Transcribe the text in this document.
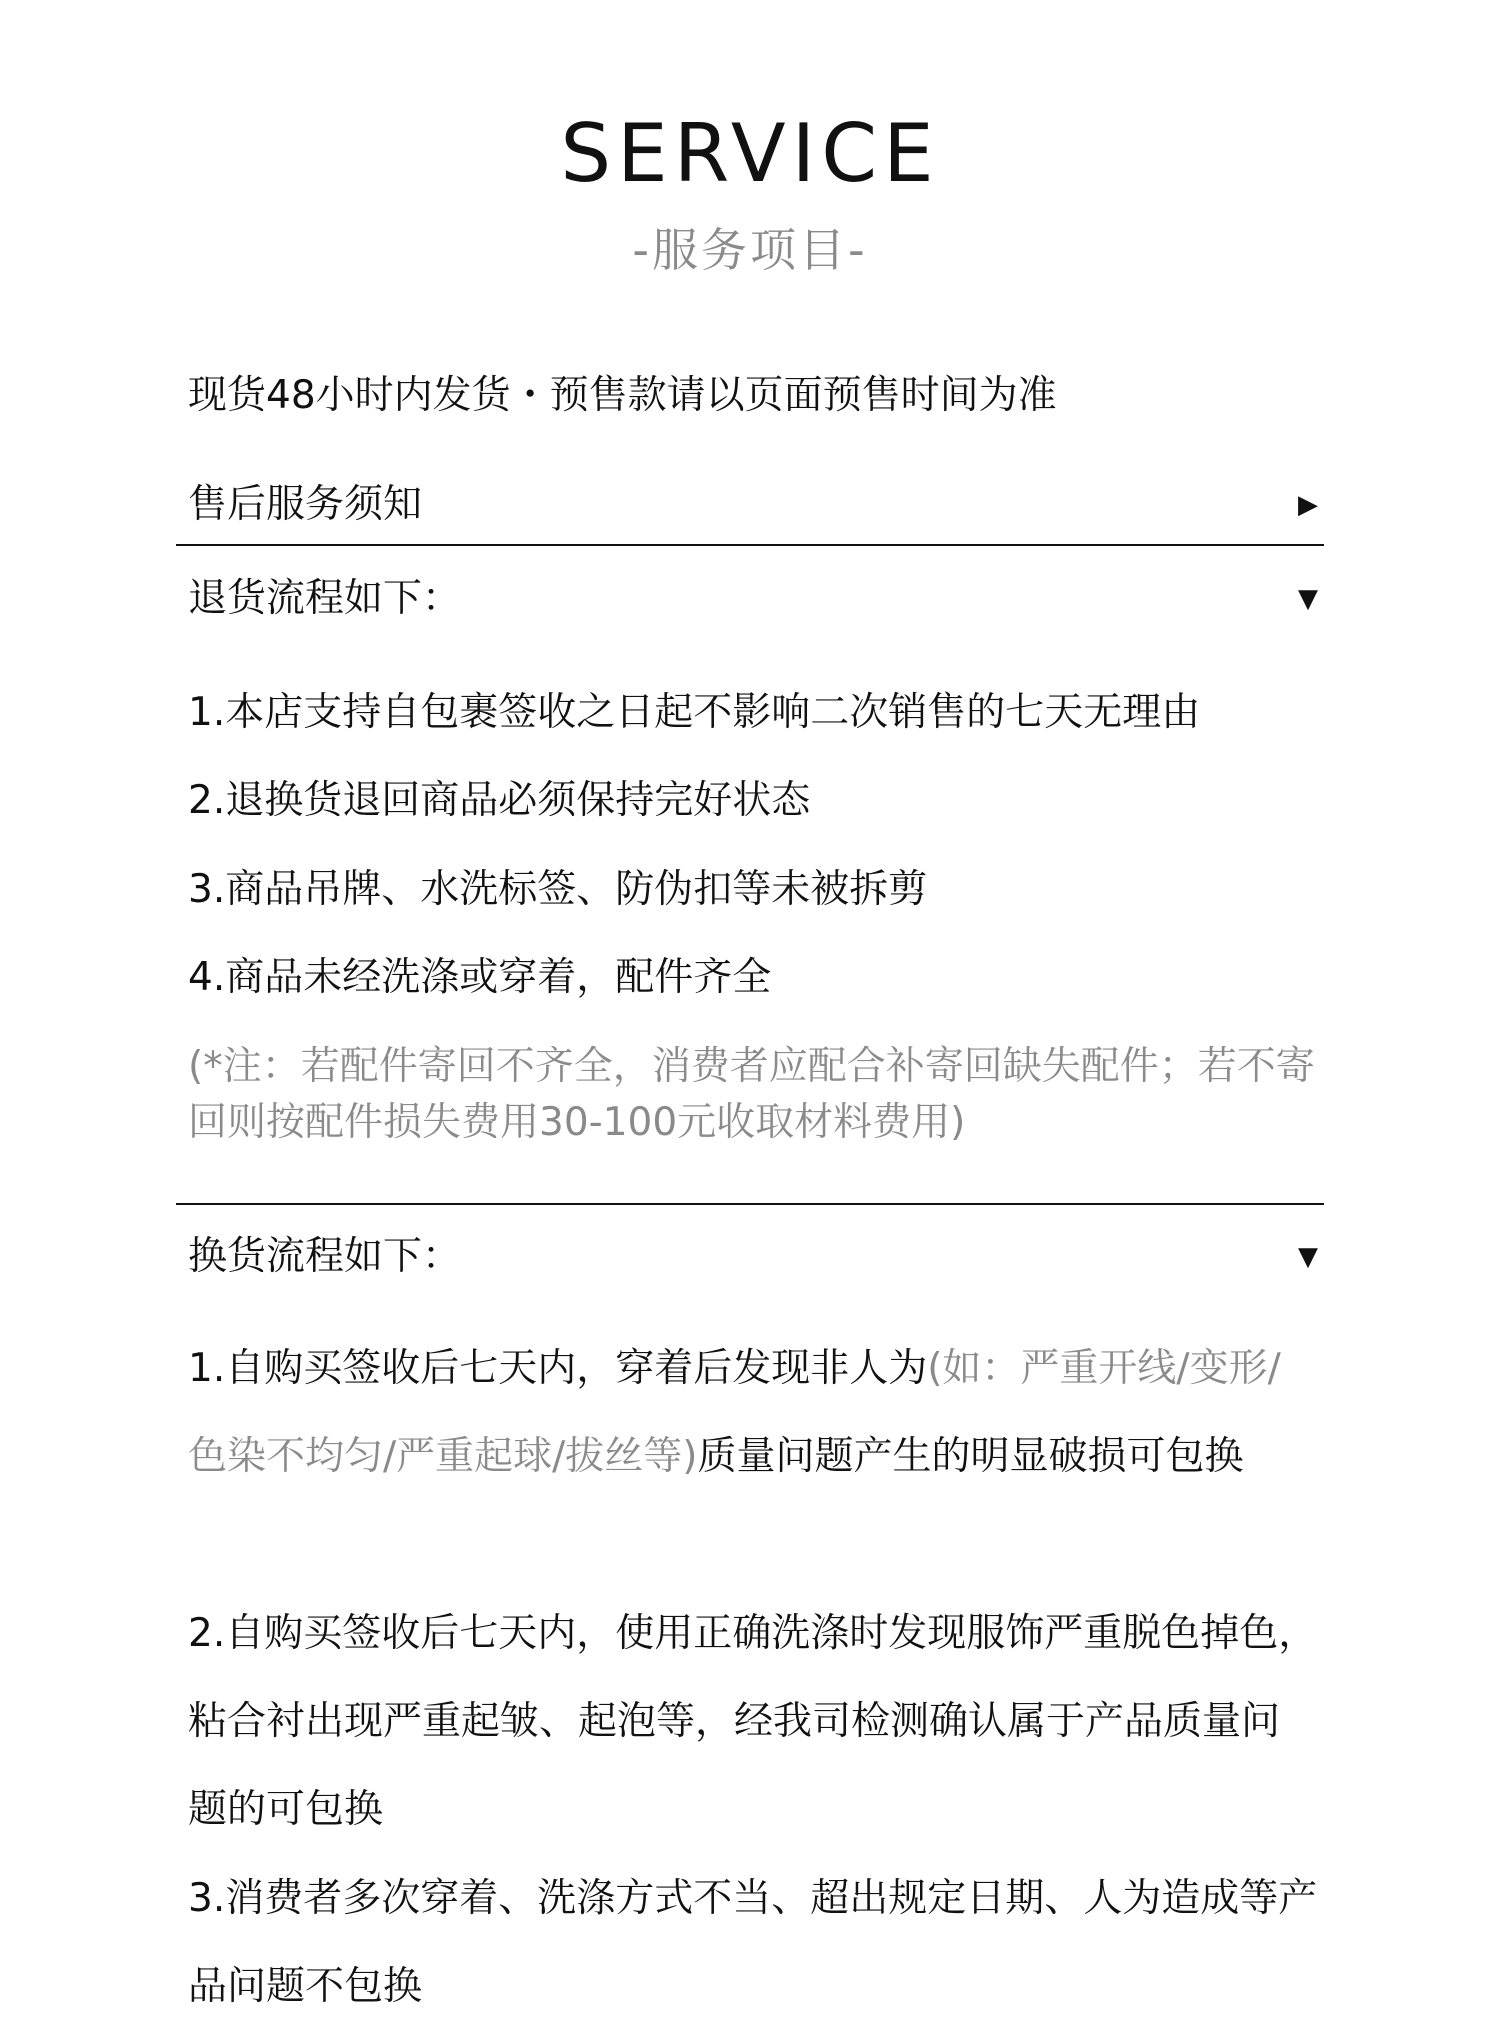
SERVICE
-服务项目-
现货48小时内发货・预售款请以页面预售时间为准
售后服务须知	▶
退货流程如下：	▼
1.本店支持自包裹签收之日起不影响二次销售的七天无理由
2.退换货退回商品必须保持完好状态
3.商品吊牌、水洗标签、防伪扣等未被拆剪
4.商品未经洗涤或穿着，配件齐全
(*注：若配件寄回不齐全，消费者应配合补寄回缺失配件；若不寄回则按配件损失费用30-100元收取材料费用)
换货流程如下：	▼
1.自购买签收后七天内，穿着后发现非人为(如：严重开线/变形/色染不均匀/严重起球/拔丝等)质量问题产生的明显破损可包换
2.自购买签收后七天内，使用正确洗涤时发现服饰严重脱色掉色，粘合衬出现严重起皱、起泡等，经我司检测确认属于产品质量问题的可包换
3.消费者多次穿着、洗涤方式不当、超出规定日期、人为造成等产品问题不包换
